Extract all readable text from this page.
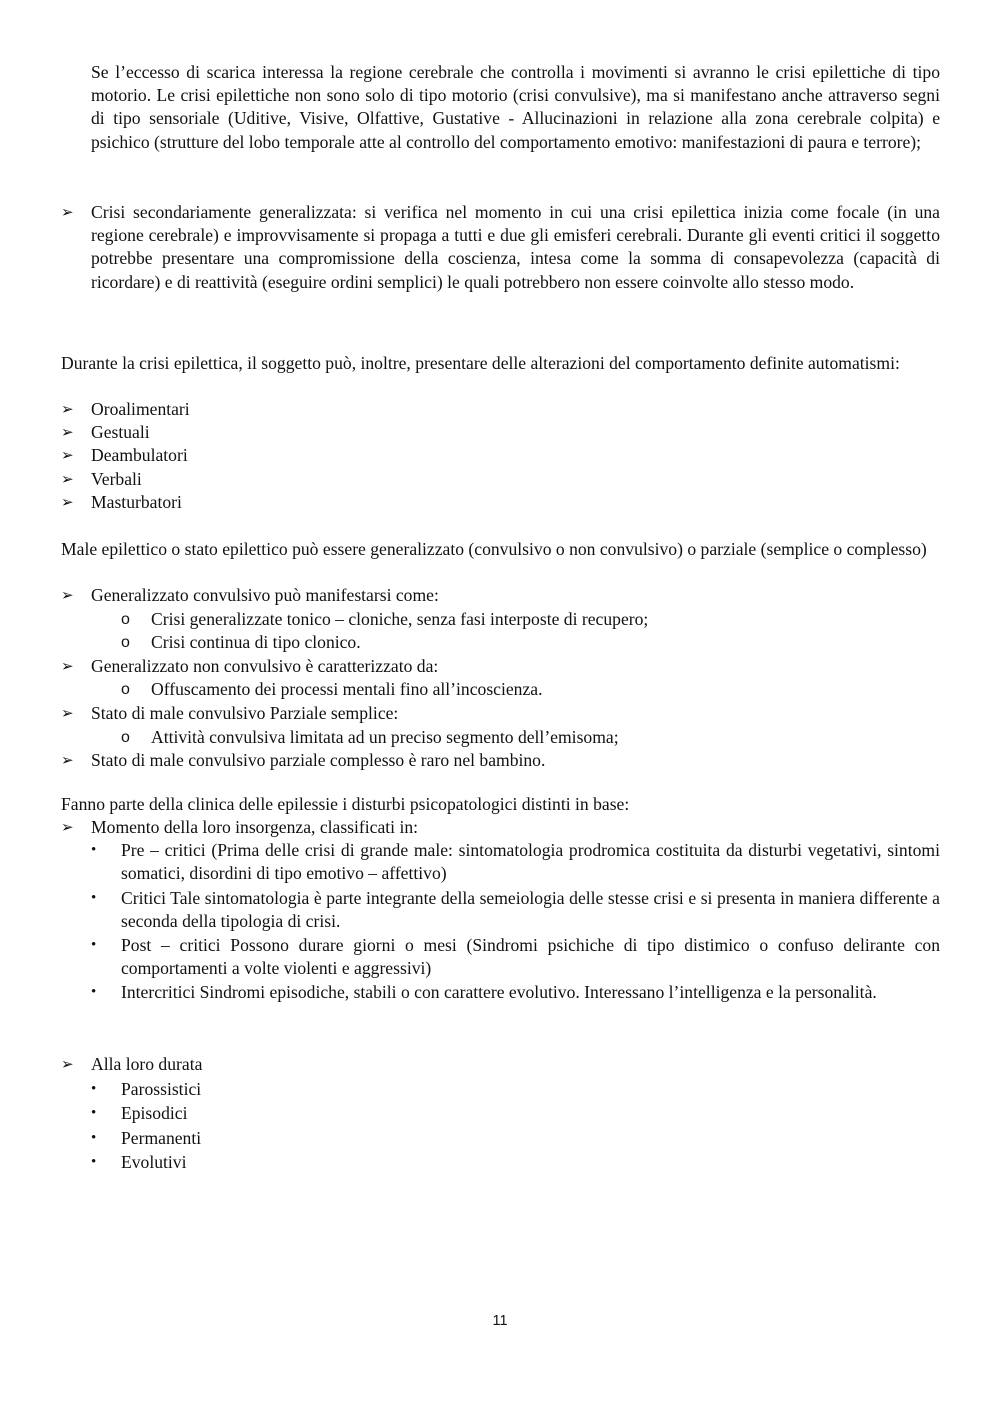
Se l’eccesso di scarica interessa la regione cerebrale che controlla i movimenti si avranno le crisi epilettiche di tipo motorio. Le crisi epilettiche non sono solo di tipo motorio (crisi convulsive), ma si manifestano anche attraverso segni di tipo sensoriale (Uditive, Visive, Olfattive, Gustative - Allucinazioni in relazione alla zona cerebrale colpita) e psichico (strutture del lobo temporale atte al controllo del comportamento emotivo: manifestazioni di paura e terrore);
➢ Crisi secondariamente generalizzata: si verifica nel momento in cui una crisi epilettica inizia come focale (in una regione cerebrale) e improvvisamente si propaga a tutti e due gli emisferi cerebrali. Durante gli eventi critici il soggetto potrebbe presentare una compromissione della coscienza, intesa come la somma di consapevolezza (capacità di ricordare) e di reattività (eseguire ordini semplici) le quali potrebbero non essere coinvolte allo stesso modo.
Durante la crisi epilettica, il soggetto può, inoltre, presentare delle alterazioni del comportamento definite automatismi:
➢ Oroalimentari
➢ Gestuali
➢ Deambulatori
➢ Verbali
➢ Masturbatori
Male epilettico o stato epilettico può essere generalizzato (convulsivo o non convulsivo) o parziale (semplice o complesso)
➢ Generalizzato convulsivo può manifestarsi come:
o	Crisi generalizzate tonico – cloniche, senza fasi interposte di recupero;
o	Crisi continua di tipo clonico.
➢ Generalizzato non convulsivo è caratterizzato da:
o	Offuscamento dei processi mentali fino all’incoscienza.
➢ Stato di male convulsivo Parziale semplice:
o	Attività convulsiva limitata ad un preciso segmento dell’emisoma;
➢ Stato di male convulsivo parziale complesso è raro nel bambino.
Fanno parte della clinica delle epilessie i disturbi psicopatologici distinti in base:
➢ Momento della loro insorgenza, classificati in:
•	Pre – critici (Prima delle crisi di grande male: sintomatologia prodromica costituita da disturbi vegetativi, sintomi somatici, disordini di tipo emotivo – affettivo)
•	Critici Tale sintomatologia è parte integrante della semeiologia delle stesse crisi e si presenta in maniera differente a seconda della tipologia di crisi.
•	Post – critici Possono durare giorni o mesi (Sindromi psichiche di tipo distimico o confuso delirante con comportamenti a volte violenti e aggressivi)
•	Intercritici Sindromi episodiche, stabili o con carattere evolutivo. Interessano l’intelligenza e la personalità.
➢ Alla loro durata
•	Parossistici
•	Episodici
•	Permanenti
•	Evolutivi
11
